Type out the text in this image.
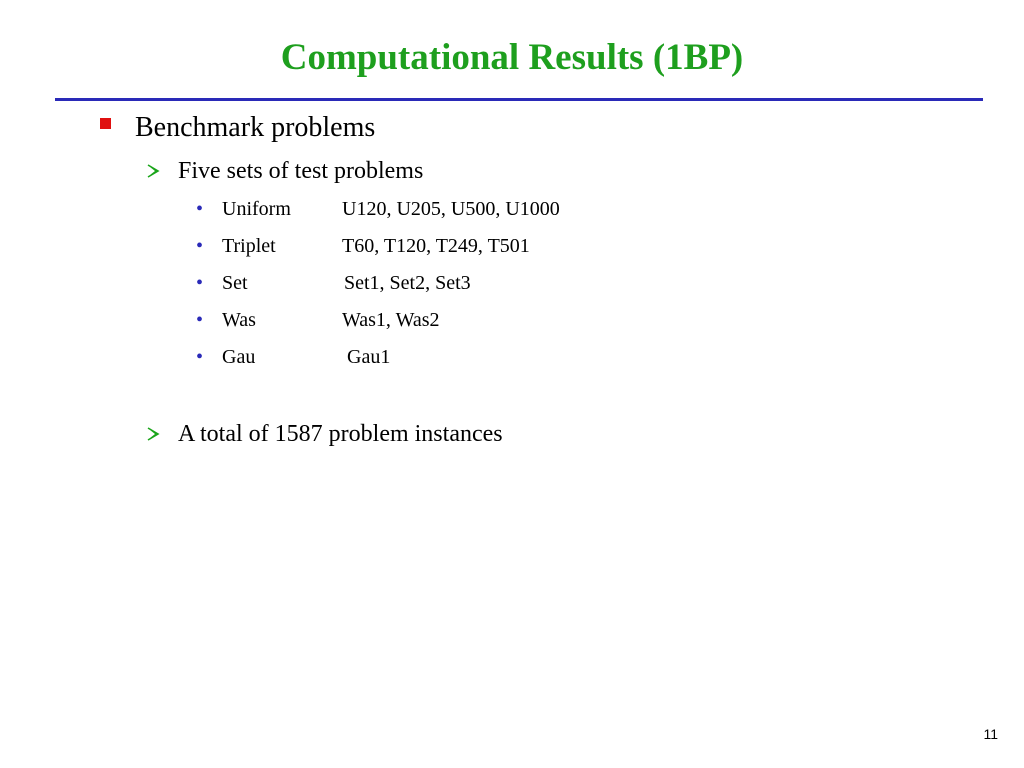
Computational Results (1BP)
Benchmark problems
Five sets of test problems
• Uniform	U120, U205, U500, U1000
• Triplet	T60, T120, T249, T501
• Set	Set1, Set2, Set3
• Was	Was1, Was2
• Gau	Gau1
A total of 1587 problem instances
11
